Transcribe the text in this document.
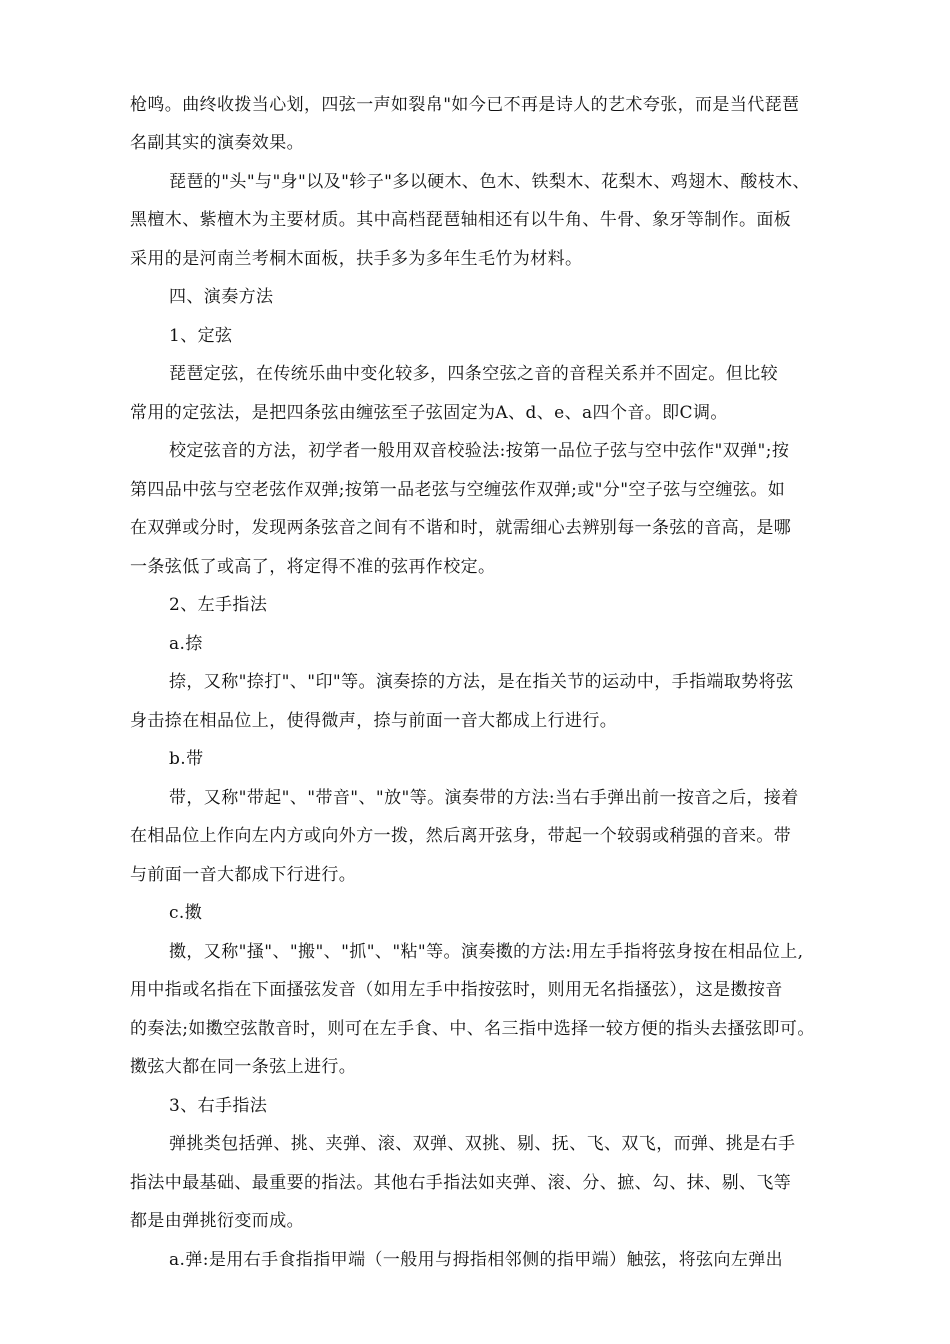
枪鸣。曲终收拨当心划，四弦一声如裂帛"如今已不再是诗人的艺术夸张，而是当代琵琶
名副其实的演奏效果。
琵琶的"头"与"身"以及"轸子"多以硬木、色木、铁梨木、花梨木、鸡翅木、酸枝木、
黑檀木、紫檀木为主要材质。其中高档琵琶轴相还有以牛角、牛骨、象牙等制作。面板
采用的是河南兰考桐木面板，扶手多为多年生毛竹为材料。
四、演奏方法
1、定弦
琵琶定弦，在传统乐曲中变化较多，四条空弦之音的音程关系并不固定。但比较
常用的定弦法，是把四条弦由缠弦至子弦固定为A、d、e、a四个音。即C调。
校定弦音的方法，初学者一般用双音校验法:按第一品位子弦与空中弦作"双弹";按
第四品中弦与空老弦作双弹;按第一品老弦与空缠弦作双弹;或"分"空子弦与空缠弦。如
在双弹或分时，发现两条弦音之间有不谐和时，就需细心去辨别每一条弦的音高，是哪
一条弦低了或高了，将定得不准的弦再作校定。
2、左手指法
a.捺
捺，又称"捺打"、"印"等。演奏捺的方法，是在指关节的运动中，手指端取势将弦
身击捺在相品位上，使得微声，捺与前面一音大都成上行进行。
b.带
带，又称"带起"、"带音"、"放"等。演奏带的方法:当右手弹出前一按音之后，接着
在相品位上作向左内方或向外方一拨，然后离开弦身，带起一个较弱或稍强的音来。带
与前面一音大都成下行进行。
c.擞
擞，又称"搔"、"搬"、"抓"、"粘"等。演奏擞的方法:用左手指将弦身按在相品位上,
用中指或名指在下面搔弦发音（如用左手中指按弦时，则用无名指搔弦），这是擞按音
的奏法;如擞空弦散音时，则可在左手食、中、名三指中选择一较方便的指头去搔弦即可。
擞弦大都在同一条弦上进行。
3、右手指法
弹挑类包括弹、挑、夹弹、滚、双弹、双挑、剔、抚、飞、双飞，而弹、挑是右手
指法中最基础、最重要的指法。其他右手指法如夹弹、滚、分、摭、勾、抹、剔、飞等
都是由弹挑衍变而成。
a.弹:是用右手食指指甲端（一般用与拇指相邻侧的指甲端）触弦，将弦向左弹出
